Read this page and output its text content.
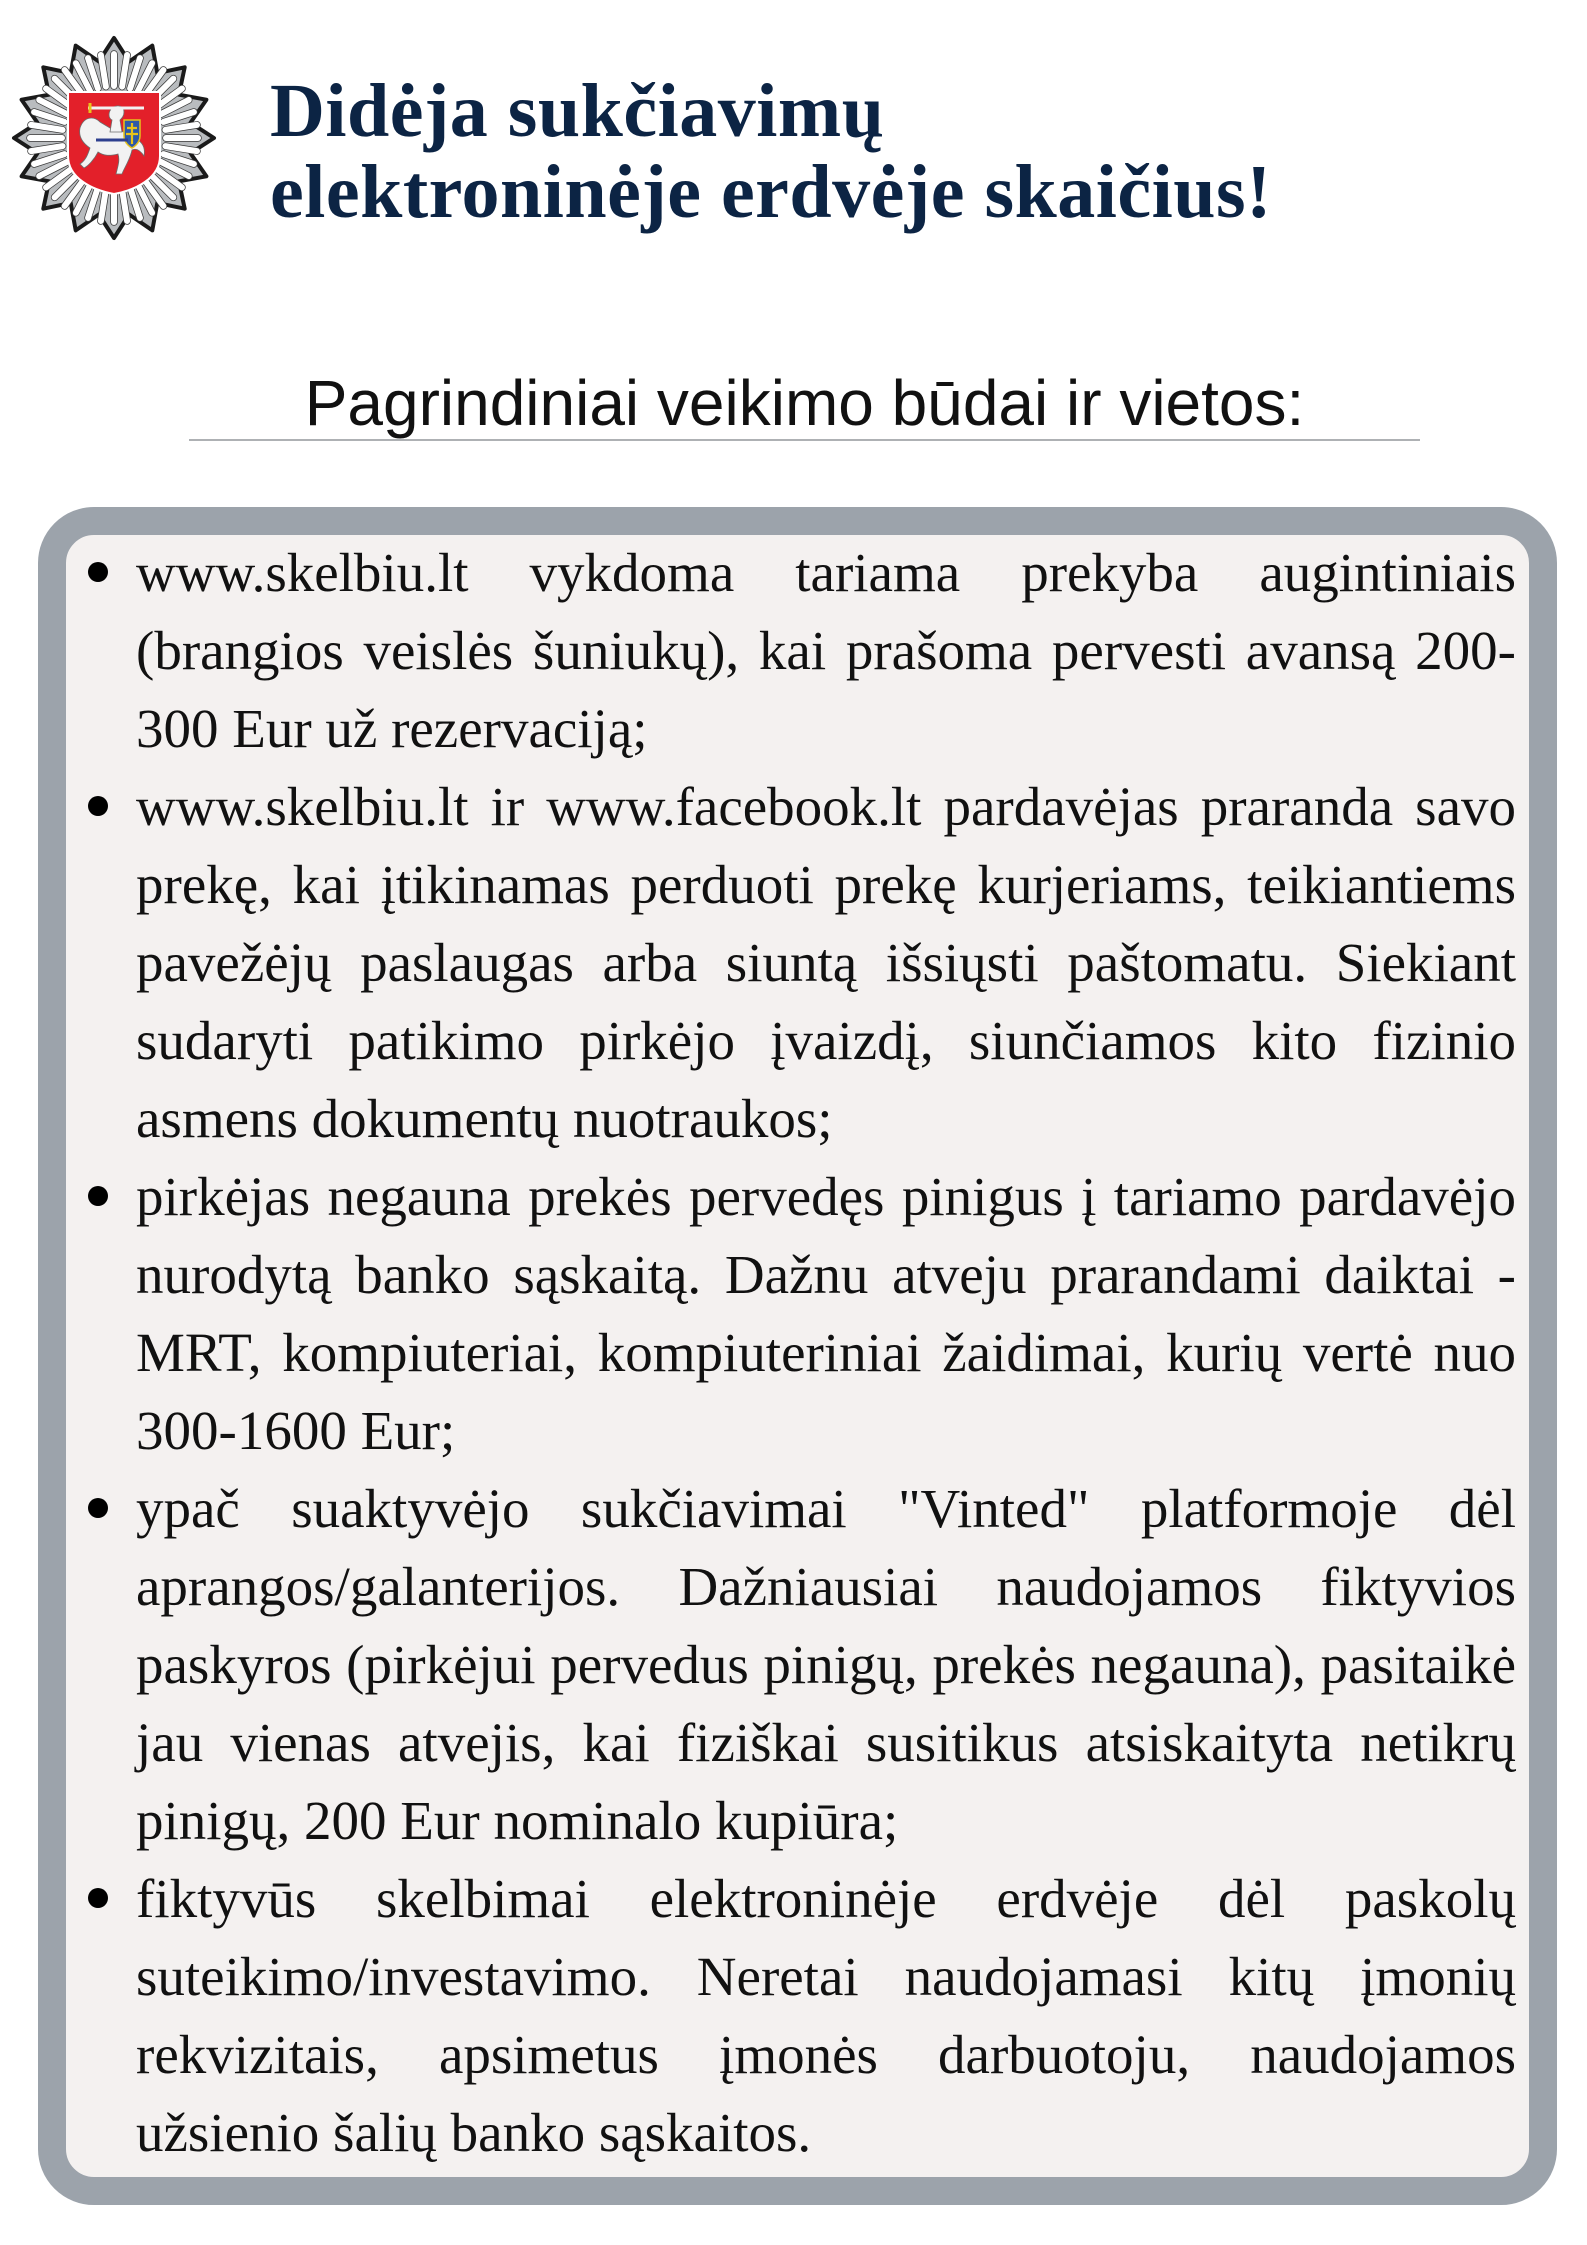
Didėja sukčiavimų
elektroninėje erdvėje skaičius!
Pagrindiniai veikimo būdai ir vietos:
www.skelbiu.lt vykdoma tariama prekyba augintiniais (brangios veislės šuniukų), kai prašoma pervesti avansą 200-300 Eur už rezervaciją;
www.skelbiu.lt ir www.facebook.lt pardavėjas praranda savo prekę, kai įtikinamas perduoti prekę kurjeriams, teikiantiems pavežėjų paslaugas arba siuntą išsiųsti paštomatu. Siekiant sudaryti patikimo pirkėjo įvaizdį, siunčiamos kito fizinio asmens dokumentų nuotraukos;
pirkėjas negauna prekės pervedęs pinigus į tariamo pardavėjo nurodytą banko sąskaitą. Dažnu atveju prarandami daiktai - MRT, kompiuteriai, kompiuteriniai žaidimai, kurių vertė nuo 300-1600 Eur;
ypač suaktyvėjo sukčiavimai "Vinted" platformoje dėl aprangos/galanterijos. Dažniausiai naudojamos fiktyvios paskyros (pirkėjui pervedus pinigų, prekės negauna), pasitaikė jau vienas atvejis, kai fiziškai susitikus atsiskaityta netikrų pinigų, 200 Eur nominalo kupiūra;
fiktyvūs skelbimai elektroninėje erdvėje dėl paskolų suteikimo/investavimo. Neretai naudojamasi kitų įmonių rekvizitais, apsimetus įmonės darbuotoju, naudojamos užsienio šalių banko sąskaitos.
